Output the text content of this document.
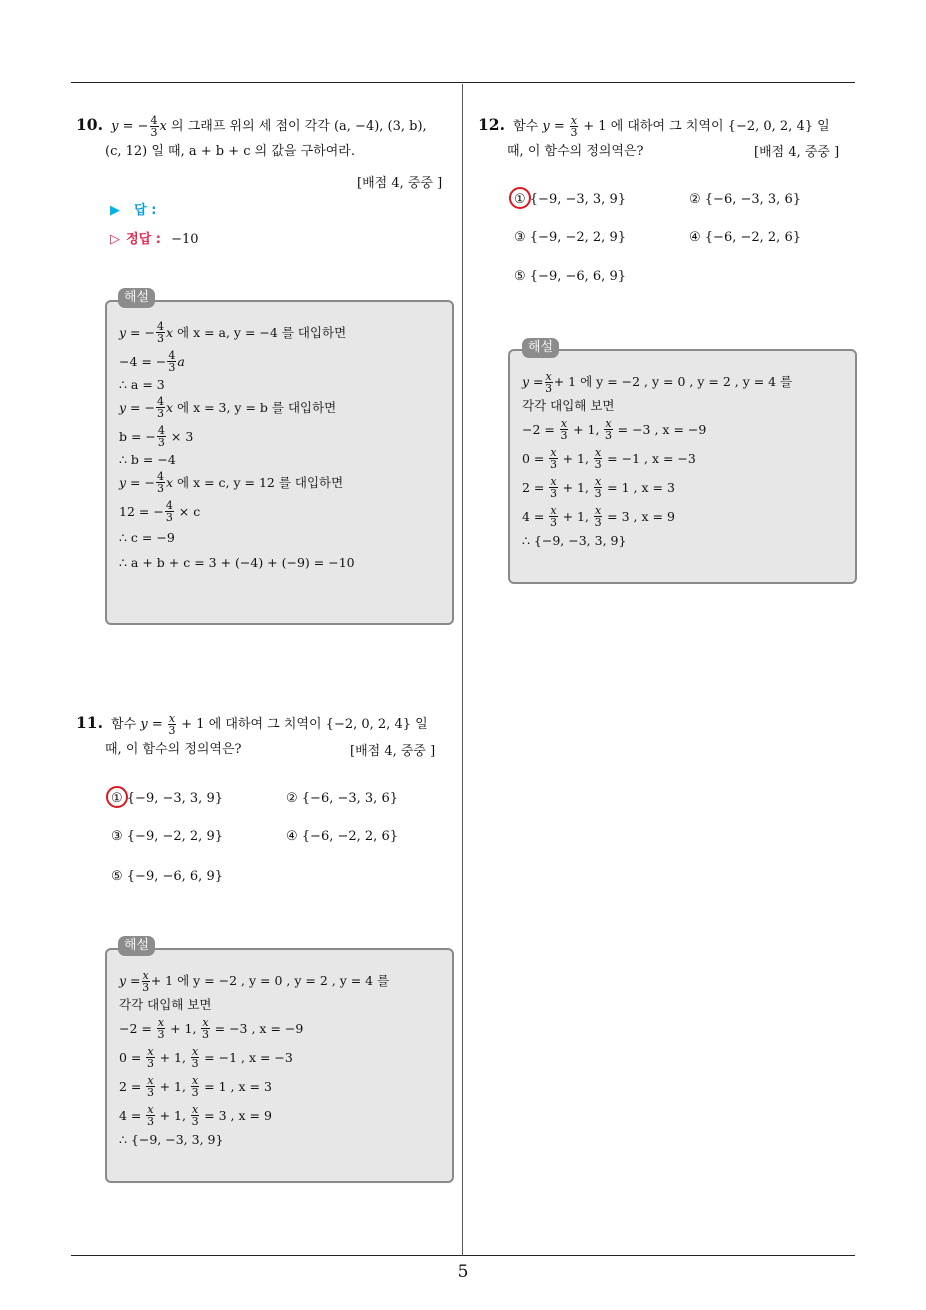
10. y = − $\frac{4}{3}$ x 의 그래프 위의 세 점이 각각 (a, −4), (3, b),
(c, 12) 일 때, a + b + c 의 값을 구하여라.
[배점 4, 중중 ]
▶ 답 :
▷ 정답 : −10
y = − $\frac{4}{3}$ x
에 x = a, y = −4 를 대입하면
−4 = − $\frac{4}{3}$ a
∴ a = 3
y = − $\frac{4}{3}$ x
에 x = 3, y = b 를 대입하면
b = − $\frac{4}{3}$
× 3
∴ b = −4
y = − $\frac{4}{3}$ x
에 x = c, y = 12 를 대입하면
12 = − $\frac{4}{3}$
× c
∴ c = −9
∴ a + b + c = 3 + (−4) + (−9) = −10
해설
11. 함수 $y = \frac{x}{3} + 1$ 에 대하여 그 치역이 {−2, 0, 2, 4} 일
때, 이 함수의 정의역은?	[배점 4, 중중 ]
① {−9, −3, 3, 9}	② {−6, −3, 3, 6}
③ {−9, −2, 2, 9}	④ {−6, −2, 2, 6}
⑤ {−9, −6, 6, 9}
$y = \frac{x}{3} + 1$ 에 y = −2 , y = 0 , y = 2 , y = 4 를
각각 대입해 보면
−2 =
$\frac{x}{3}$
+ 1,
$\frac{x}{3}$
= −3 , x = −9
0 =
$\frac{x}{3}$
+ 1,
$\frac{x}{3}$
= −1 , x = −3
2 =
$\frac{x}{3}$
+ 1,
$\frac{x}{3}$
= 1 , x = 3
4 =
$\frac{x}{3}$
+ 1,
$\frac{x}{3}$
= 3 , x = 9
∴ {−9, −3, 3, 9}
해설
12. 함수 $y = \frac{x}{3} + 1$ 에 대하여 그 치역이 {−2, 0, 2, 4} 일
때, 이 함수의 정의역은?	[배점 4, 중중 ]
① {−9, −3, 3, 9}	② {−6, −3, 3, 6}
③ {−9, −2, 2, 9}	④ {−6, −2, 2, 6}
⑤ {−9, −6, 6, 9}
$y = \frac{x}{3} + 1$ 에 y = −2 , y = 0 , y = 2 , y = 4 를
각각 대입해 보면
−2 =
$\frac{x}{3}$
+ 1,
$\frac{x}{3}$
= −3 , x = −9
0 =
$\frac{x}{3}$
+ 1,
$\frac{x}{3}$
= −1 , x = −3
2 =
$\frac{x}{3}$
+ 1,
$\frac{x}{3}$
= 1 , x = 3
4 =
$\frac{x}{3}$
+ 1,
$\frac{x}{3}$
= 3 , x = 9
∴ {−9, −3, 3, 9}
해설
5
